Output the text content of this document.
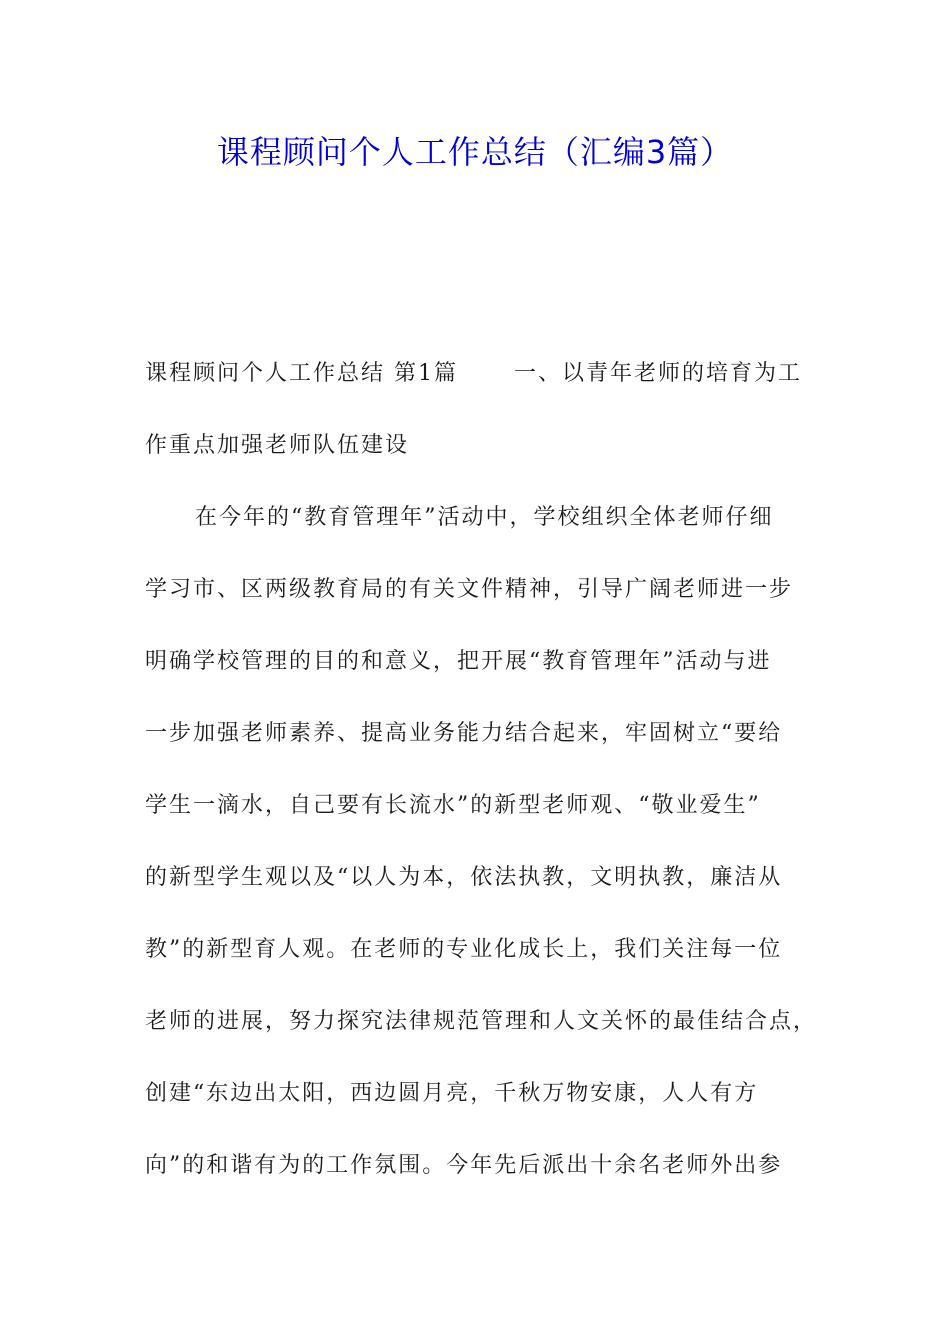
课程顾问个人工作总结（汇编3篇）
课程顾问个人工作总结 第1篇	一、以青年老师的培育为工
作重点加强老师队伍建设
在今年的“教育管理年”活动中，学校组织全体老师仔细
学习市、区两级教育局的有关文件精神，引导广阔老师进一步
明确学校管理的目的和意义，把开展“教育管理年”活动与进
一步加强老师素养、提高业务能力结合起来，牢固树立“要给
学生一滴水，自己要有长流水”的新型老师观、“敬业爱生”
的新型学生观以及“以人为本，依法执教，文明执教，廉洁从
教”的新型育人观。在老师的专业化成长上，我们关注每一位
老师的进展，努力探究法律规范管理和人文关怀的最佳结合点，
创建“东边出太阳，西边圆月亮，千秋万物安康，人人有方
向”的和谐有为的工作氛围。今年先后派出十余名老师外出参
